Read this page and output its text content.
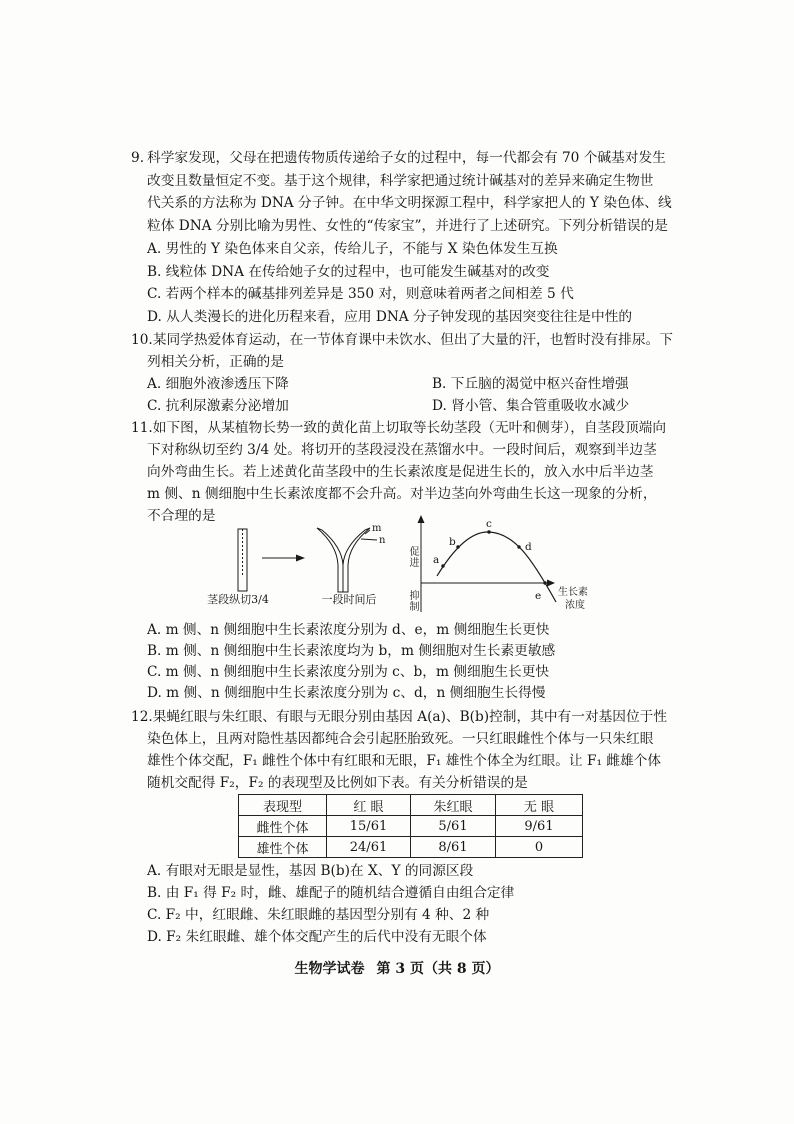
9. 科学家发现，父母在把遗传物质传递给子女的过程中，每一代都会有 70 个碱基对发生
改变且数量恒定不变。基于这个规律，科学家把通过统计碱基对的差异来确定生物世
代关系的方法称为 DNA 分子钟。在中华文明探源工程中，科学家把人的 Y 染色体、线
粒体 DNA 分别比喻为男性、女性的“传家宝”，并进行了上述研究。下列分析错误的是
A. 男性的 Y 染色体来自父亲，传给儿子，不能与 X 染色体发生互换
B. 线粒体 DNA 在传给她子女的过程中，也可能发生碱基对的改变
C. 若两个样本的碱基排列差异是 350 对，则意味着两者之间相差 5 代
D. 从人类漫长的进化历程来看，应用 DNA 分子钟发现的基因突变往往是中性的
10.某同学热爱体育运动，在一节体育课中未饮水、但出了大量的汗，也暂时没有排尿。下
列相关分析，正确的是
A. 细胞外液渗透压下降	B. 下丘脑的渴觉中枢兴奋性增强
C. 抗利尿激素分泌增加	D. 肾小管、集合管重吸收水减少
11.如下图，从某植物长势一致的黄化苗上切取等长幼茎段（无叶和侧芽），自茎段顶端向
下对称纵切至约 3/4 处。将切开的茎段浸没在蒸馏水中。一段时间后，观察到半边茎
向外弯曲生长。若上述黄化苗茎段中的生长素浓度是促进生长的，放入水中后半边茎
m 侧、n 侧细胞中生长素浓度都不会升高。对半边茎向外弯曲生长这一现象的分析，
不合理的是
m
n
a
b
c
d
e
茎段纵切3/4	一段时间后
促进
抑制	生长素
浓度
A. m 侧、n 侧细胞中生长素浓度分别为 d、e，m 侧细胞生长更快
B. m 侧、n 侧细胞中生长素浓度均为 b，m 侧细胞对生长素更敏感
C. m 侧、n 侧细胞中生长素浓度分别为 c、b，m 侧细胞生长更快
D. m 侧、n 侧细胞中生长素浓度分别为 c、d，n 侧细胞生长得慢
12.果蝇红眼与朱红眼、有眼与无眼分别由基因 A(a)、B(b)控制，其中有一对基因位于性
染色体上，且两对隐性基因都纯合会引起胚胎致死。一只红眼雌性个体与一只朱红眼
雄性个体交配，F₁ 雌性个体中有红眼和无眼，F₁ 雄性个体全为红眼。让 F₁ 雌雄个体
随机交配得 F₂，F₂ 的表现型及比例如下表。有关分析错误的是
表现型	红 眼	朱红眼	无 眼
雌性个体	15/61	5/61	9/61
雄性个体	24/61	8/61	0
A. 有眼对无眼是显性，基因 B(b)在 X、Y 的同源区段
B. 由 F₁ 得 F₂ 时，雌、雄配子的随机结合遵循自由组合定律
C. F₂ 中，红眼雌、朱红眼雌的基因型分别有 4 种、2 种
D. F₂ 朱红眼雌、雄个体交配产生的后代中没有无眼个体
生物学试卷 第 3 页（共 8 页）
